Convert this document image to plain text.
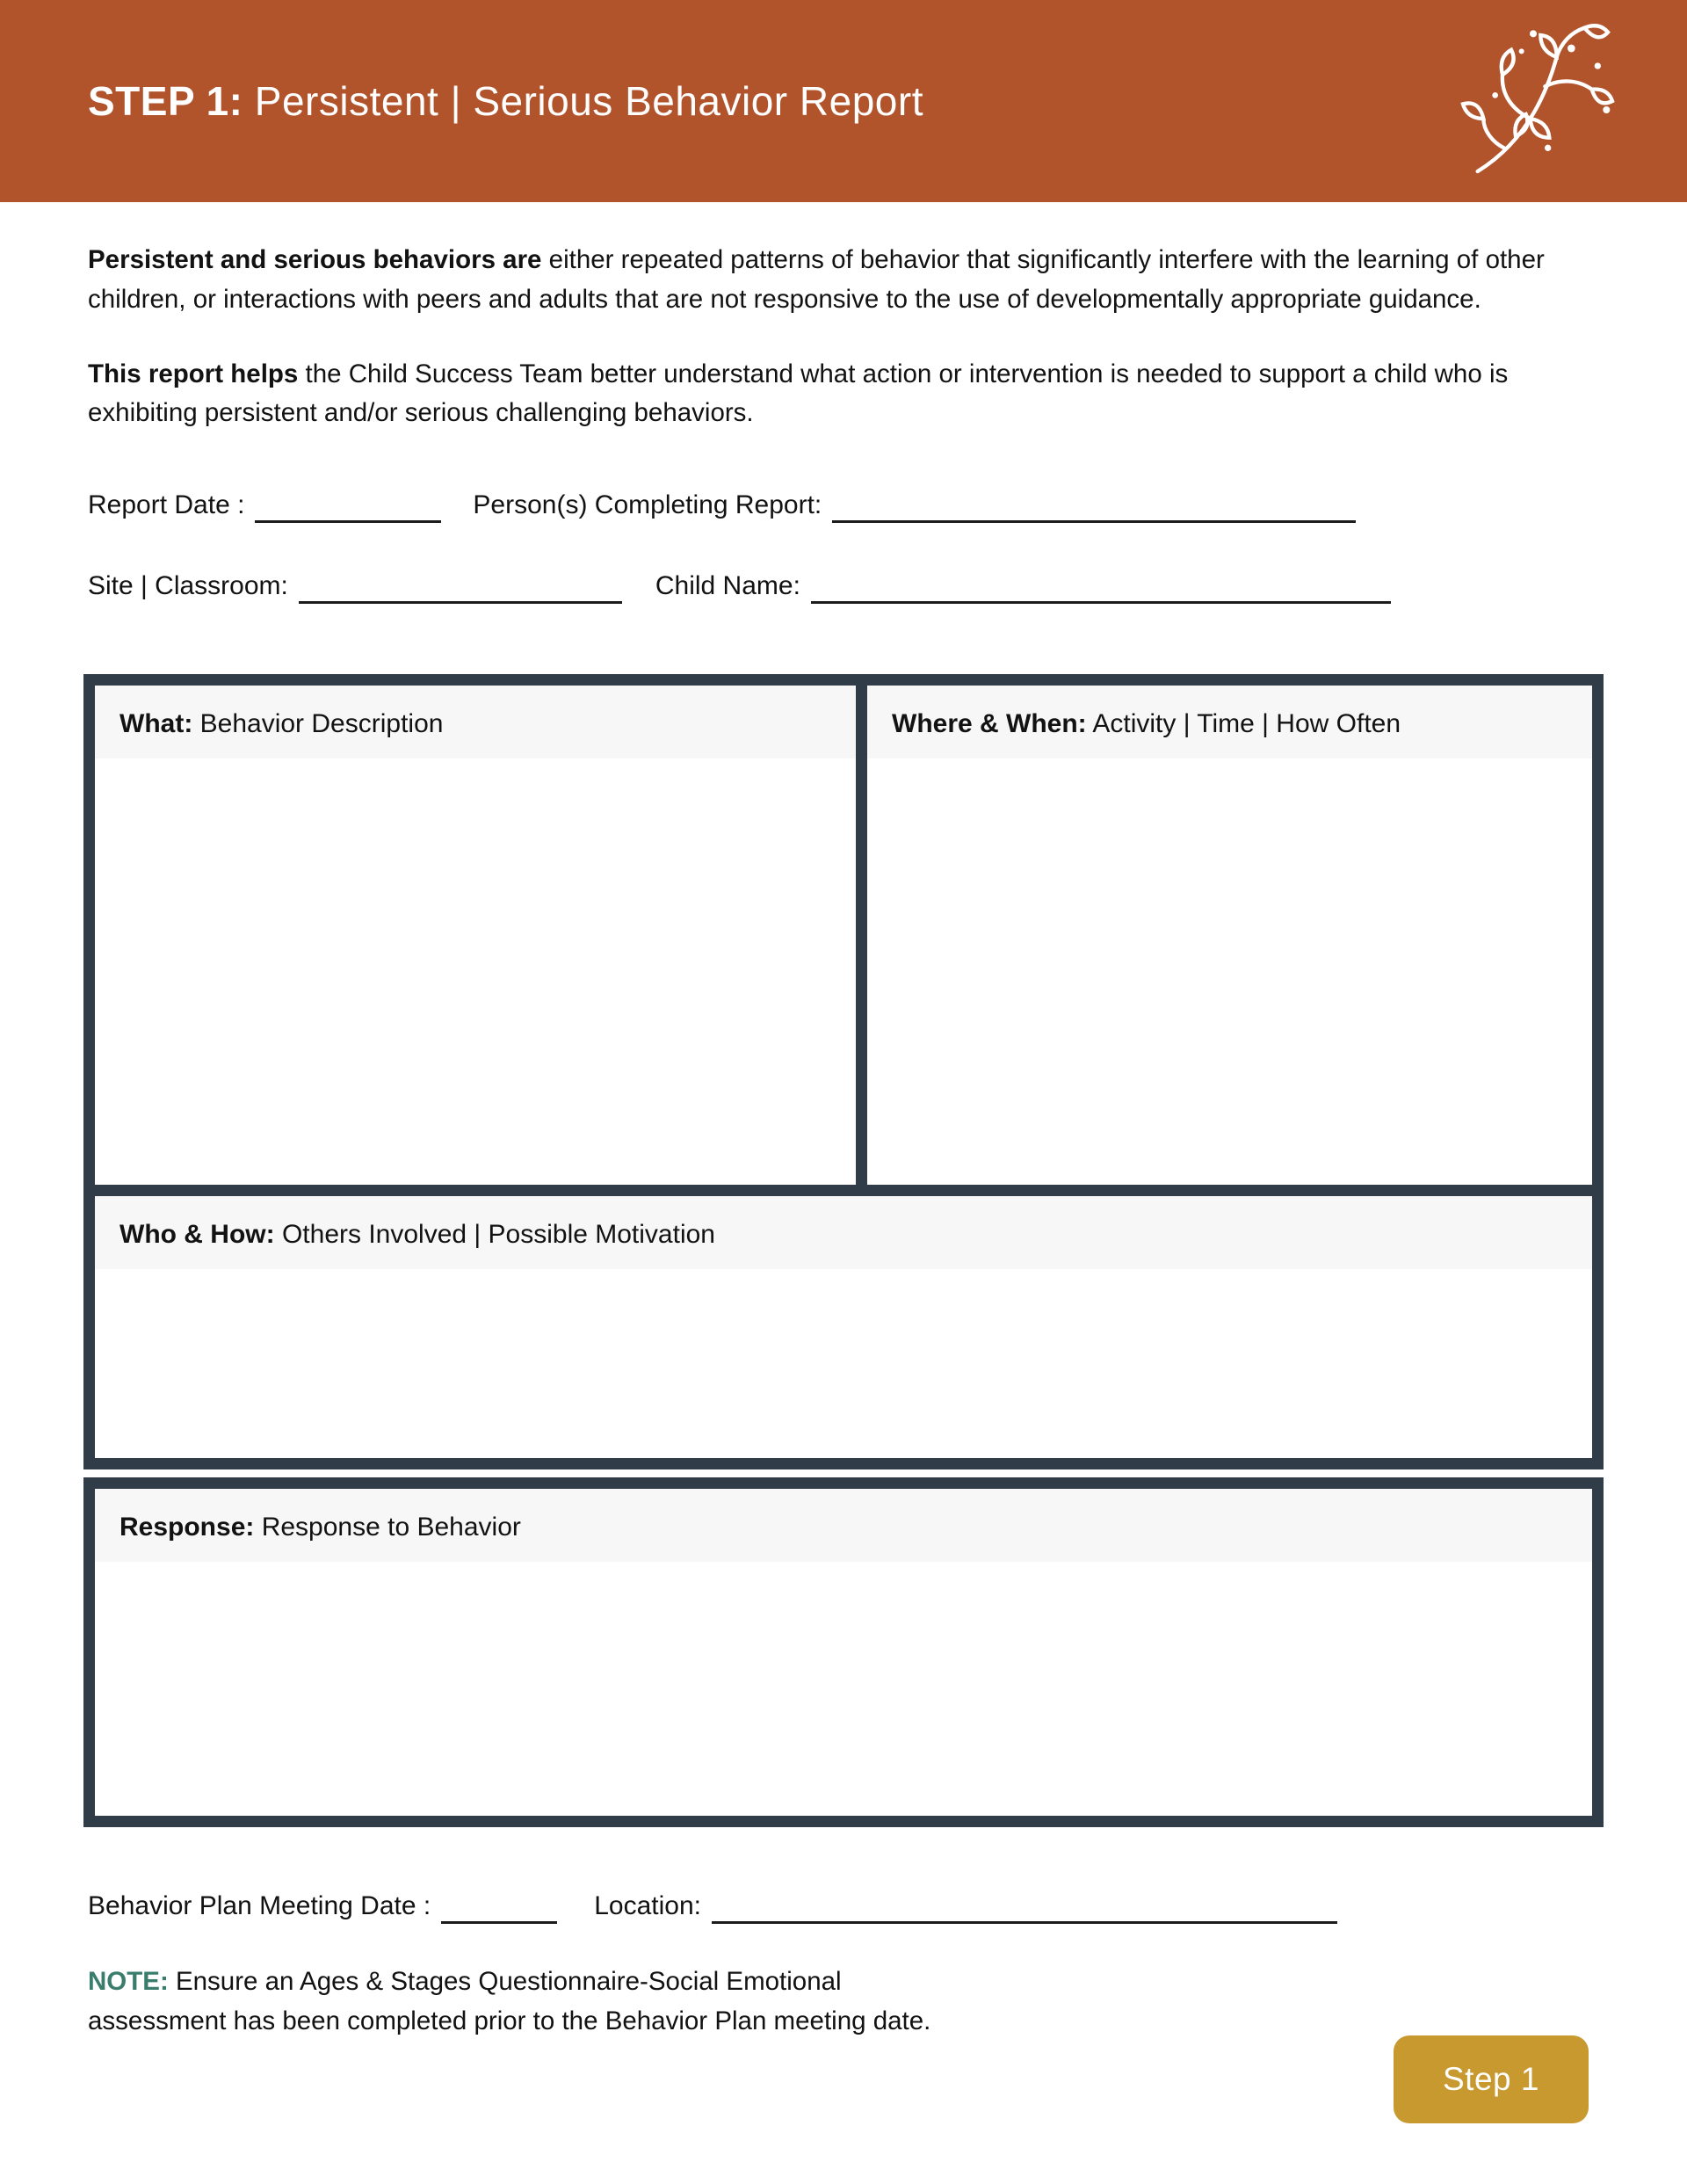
STEP 1: Persistent | Serious Behavior Report

Persistent and serious behaviors are either repeated patterns of behavior that significantly interfere with the learning of other children, or interactions with peers and adults that are not responsive to the use of developmentally appropriate guidance.

This report helps the Child Success Team better understand what action or intervention is needed to support a child who is exhibiting persistent and/or serious challenging behaviors.

Report Date :	Person(s) Completing Report:
Site | Classroom:	Child Name:
What: Behavior Description	Where & When: Activity | Time | How Often
Who & How: Others Involved | Possible Motivation
Response: Response to Behavior
Behavior Plan Meeting Date :	Location:

NOTE: Ensure an Ages & Stages Questionnaire-Social Emotional assessment has been completed prior to the Behavior Plan meeting date.

Step 1
